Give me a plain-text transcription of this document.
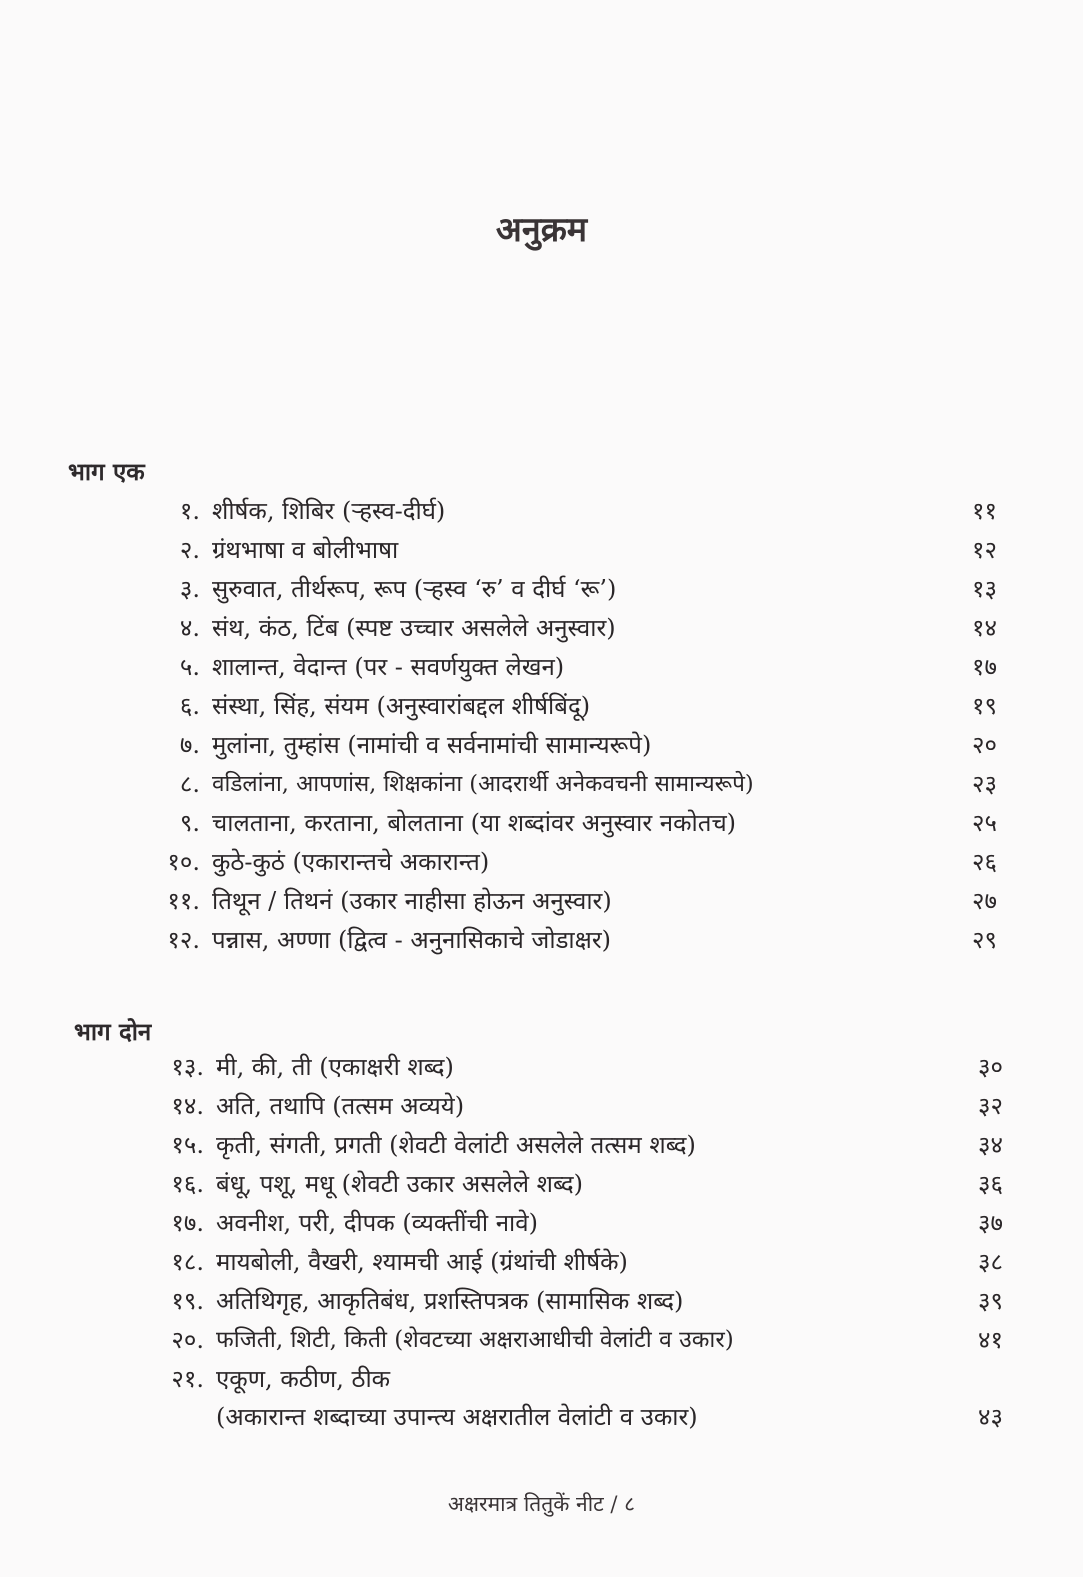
अनुक्रम
भाग एक
१. शीर्षक, शिबिर (ऱ्हस्व-दीर्घ)	११
२. ग्रंथभाषा व बोलीभाषा	१२
३. सुरुवात, तीर्थरूप, रूप (ऱ्हस्व ‘रु’ व दीर्घ ‘रू’)	१३
४. संथ, कंठ, टिंब (स्पष्ट उच्चार असलेले अनुस्वार)	१४
५. शालान्त, वेदान्त (पर - सवर्णयुक्त लेखन)	१७
६. संस्था, सिंह, संयम (अनुस्वारांबद्दल शीर्षबिंदू)	१९
७. मुलांना, तुम्हांस (नामांची व सर्वनामांची सामान्यरूपे)	२०
८. वडिलांना, आपणांस, शिक्षकांना (आदरार्थी अनेकवचनी सामान्यरूपे)	२३
९. चालताना, करताना, बोलताना (या शब्दांवर अनुस्वार नकोतच)	२५
१०. कुठे-कुठं (एकारान्तचे अकारान्त)	२६
११. तिथून / तिथनं (उकार नाहीसा होऊन अनुस्वार)	२७
१२. पन्नास, अण्णा (द्वित्व - अनुनासिकाचे जोडाक्षर)	२९
भाग दोन
१३. मी, की, ती (एकाक्षरी शब्द)	३०
१४. अति, तथापि (तत्सम अव्यये)	३२
१५. कृती, संगती, प्रगती (शेवटी वेलांटी असलेले तत्सम शब्द)	३४
१६. बंधू, पशू, मधू (शेवटी उकार असलेले शब्द)	३६
१७. अवनीश, परी, दीपक (व्यक्तींची नावे)	३७
१८. मायबोली, वैखरी, श्यामची आई (ग्रंथांची शीर्षके)	३८
१९. अतिथिगृह, आकृतिबंध, प्रशस्तिपत्रक (सामासिक शब्द)	३९
२०. फजिती, शिटी, किती (शेवटच्या अक्षराआधीची वेलांटी व उकार)	४१
२१. एकूण, कठीण, ठीक
(अकारान्त शब्दाच्या उपान्त्य अक्षरातील वेलांटी व उकार)	४३
अक्षरमात्र तितुकें नीट / ८
